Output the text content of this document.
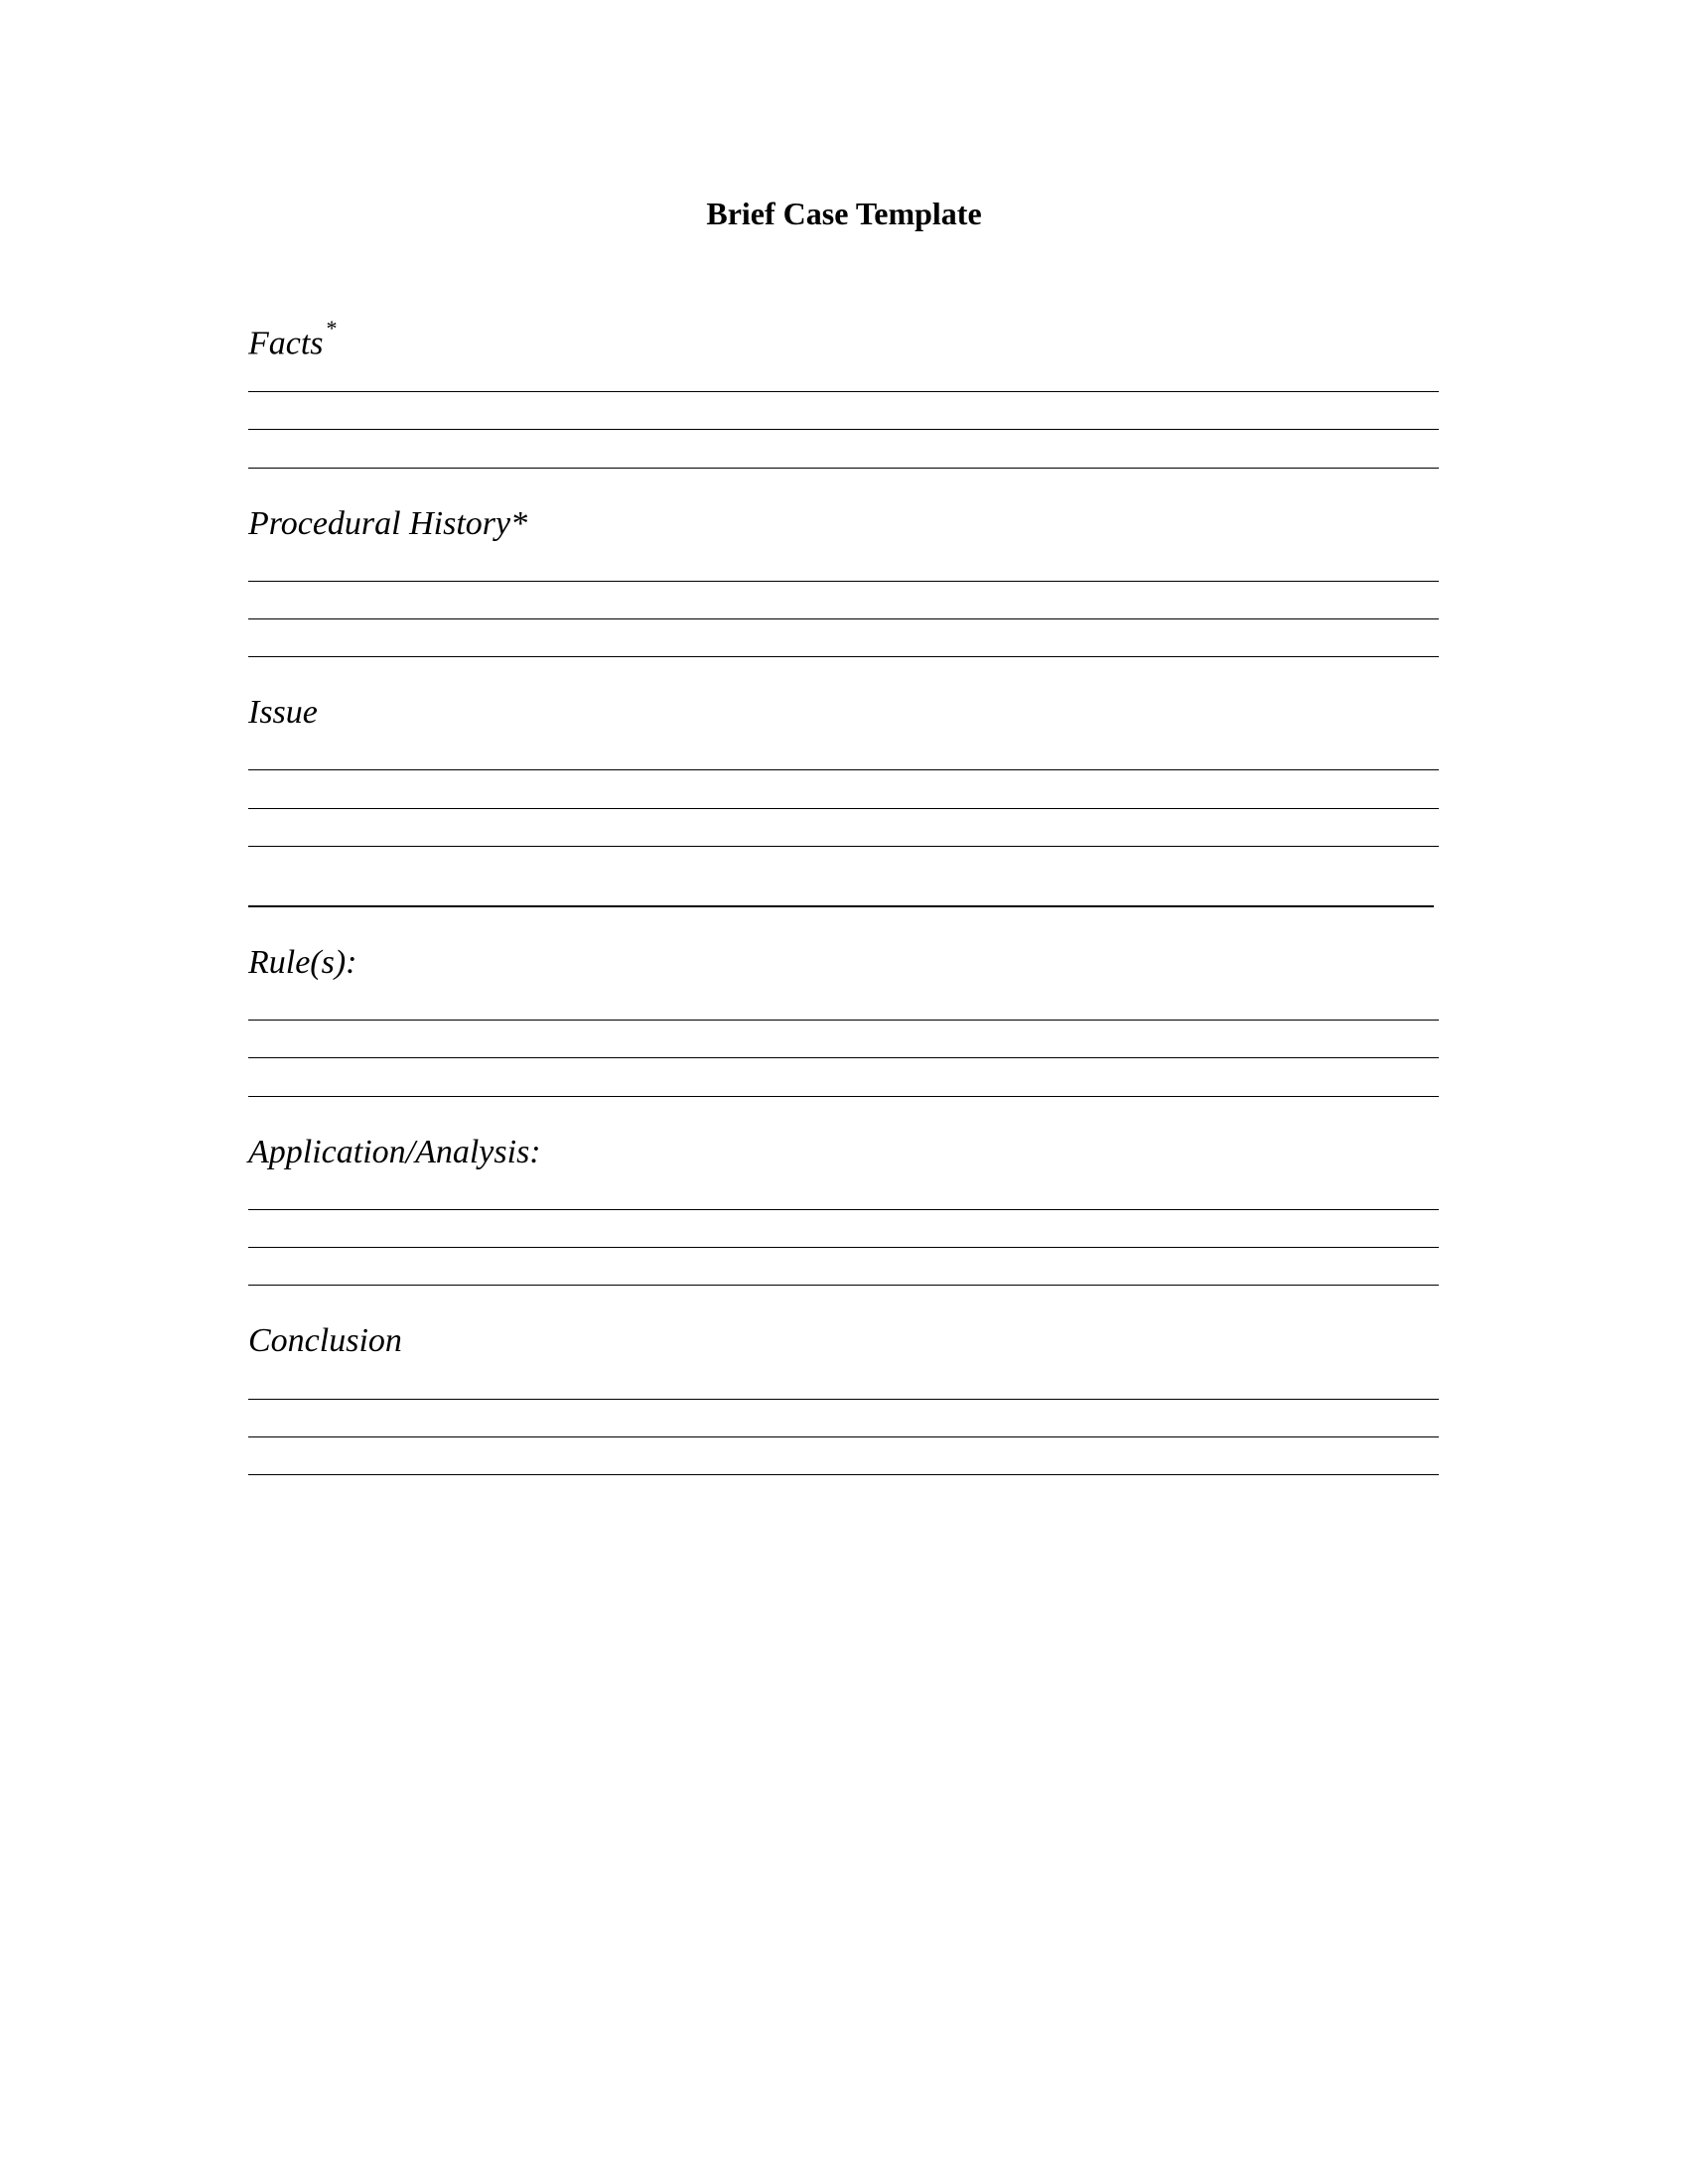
Brief Case Template
Facts*
Procedural History*
Issue
Rule(s):
Application/Analysis:
Conclusion
